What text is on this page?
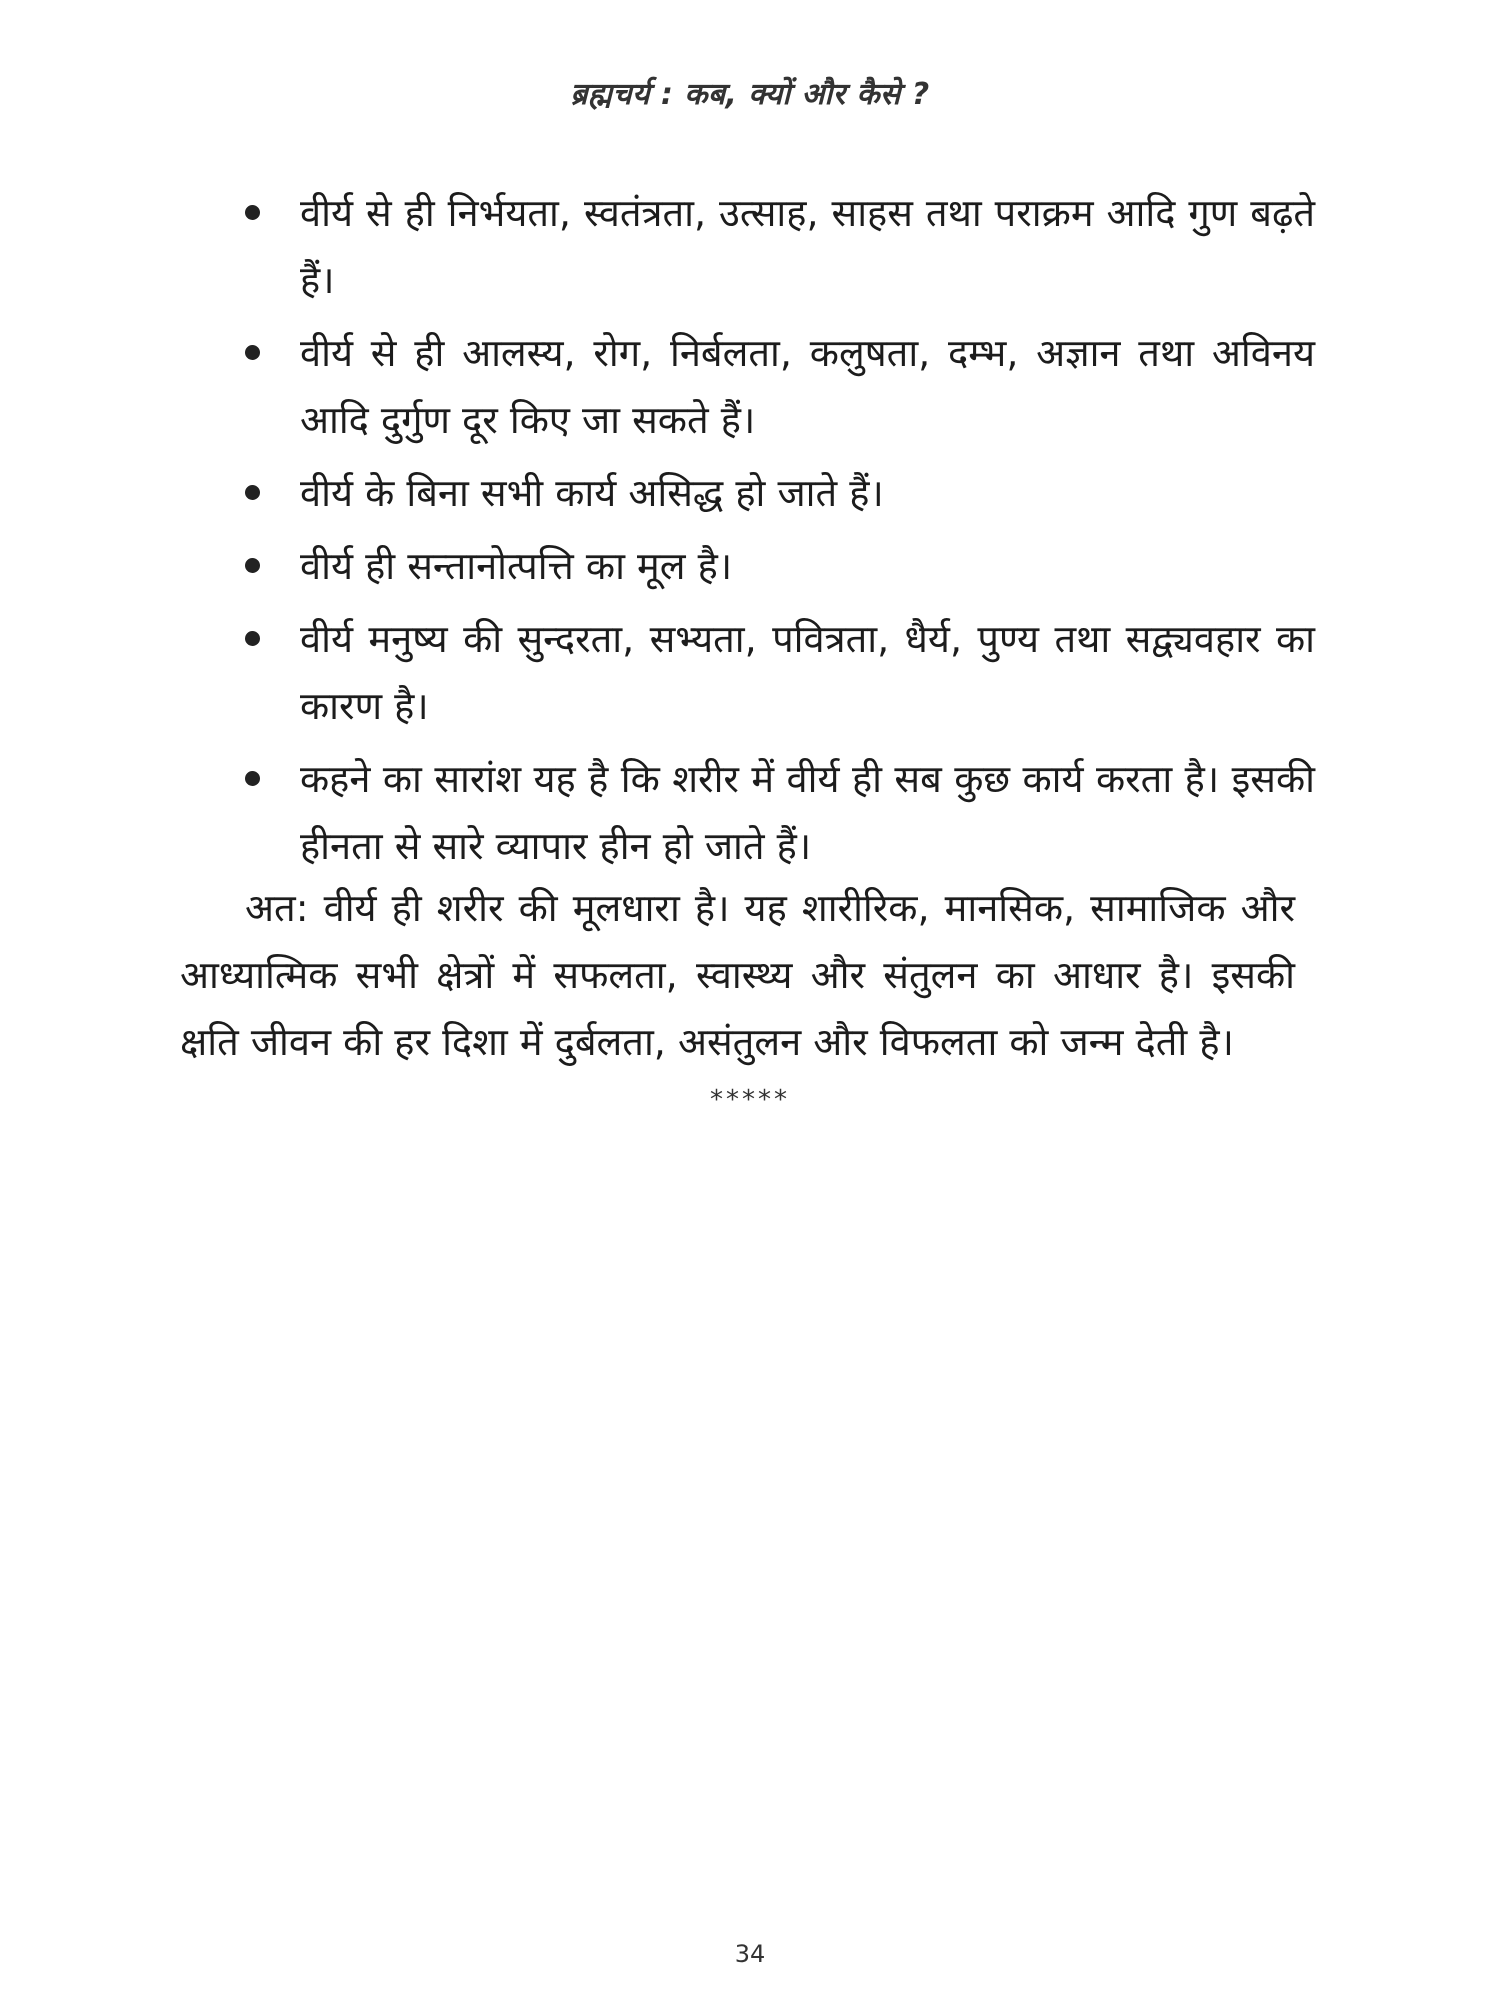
ब्रह्मचर्य : कब, क्यों और कैसे ?
वीर्य से ही निर्भयता, स्वतंत्रता, उत्साह, साहस तथा पराक्रम आदि गुण बढ़ते हैं।
वीर्य से ही आलस्य, रोग, निर्बलता, कलुषता, दम्भ, अज्ञान तथा अविनय आदि दुर्गुण दूर किए जा सकते हैं।
वीर्य के बिना सभी कार्य असिद्ध हो जाते हैं।
वीर्य ही सन्तानोत्पत्ति का मूल है।
वीर्य मनुष्य की सुन्दरता, सभ्यता, पवित्रता, धैर्य, पुण्य तथा सद्व्यवहार का कारण है।
कहने का सारांश यह है कि शरीर में वीर्य ही सब कुछ कार्य करता है। इसकी हीनता से सारे व्यापार हीन हो जाते हैं।

अत: वीर्य ही शरीर की मूलधारा है। यह शारीरिक, मानसिक, सामाजिक और आध्यात्मिक सभी क्षेत्रों में सफलता, स्वास्थ्य और संतुलन का आधार है। इसकी क्षति जीवन की हर दिशा में दुर्बलता, असंतुलन और विफलता को जन्म देती है।

*****
34
